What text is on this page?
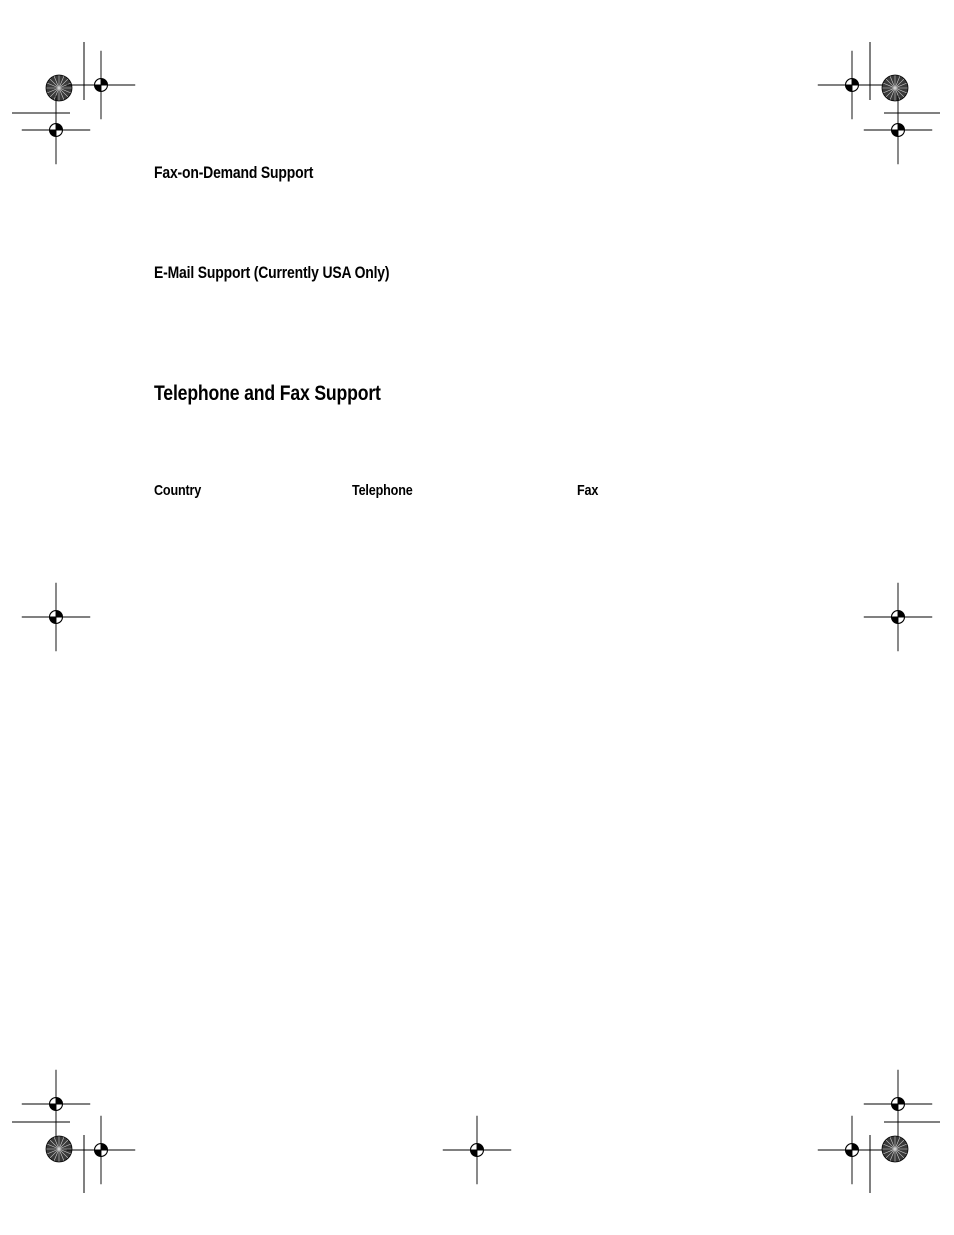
Fax-on-Demand Support
E-Mail Support (Currently USA Only)
Telephone and Fax Support
Country	Telephone	Fax
